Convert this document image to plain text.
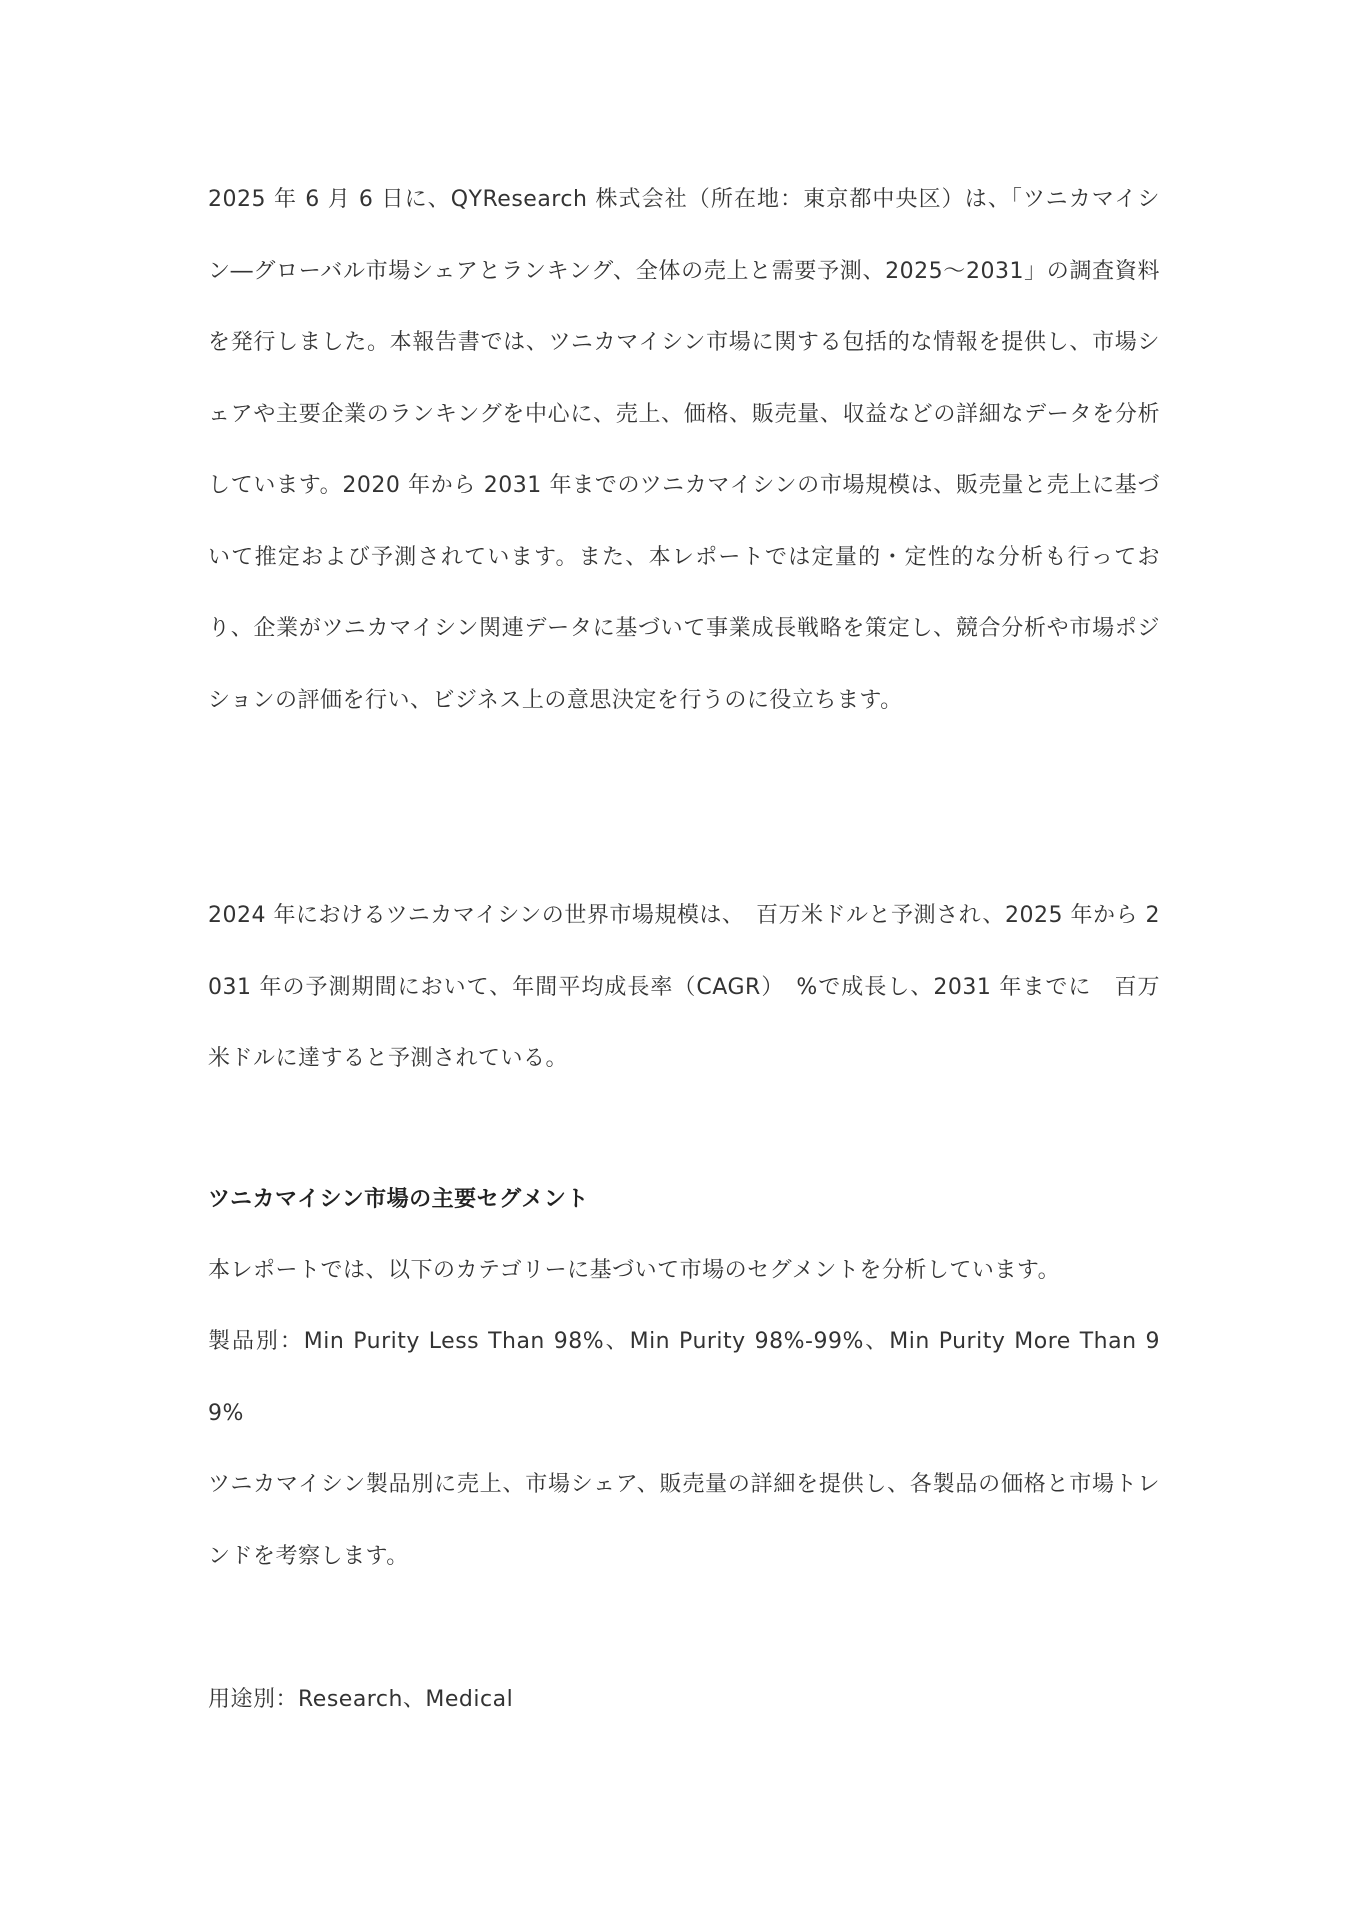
2025 年 6 月 6 日に、QYResearch 株式会社（所在地：東京都中央区）は、「ツニカマイシン―グローバル市場シェアとランキング、全体の売上と需要予測、2025～2031」の調査資料を発行しました。本報告書では、ツニカマイシン市場に関する包括的な情報を提供し、市場シェアや主要企業のランキングを中心に、売上、価格、販売量、収益などの詳細なデータを分析しています。2020 年から 2031 年までのツニカマイシンの市場規模は、販売量と売上に基づいて推定および予測されています。また、本レポートでは定量的・定性的な分析も行っており、企業がツニカマイシン関連データに基づいて事業成長戦略を策定し、競合分析や市場ポジションの評価を行い、ビジネス上の意思決定を行うのに役立ちます。

2024 年におけるツニカマイシンの世界市場規模は、　百万米ドルと予測され、2025 年から 2031 年の予測期間において、年間平均成長率（CAGR）　%で成長し、2031 年までに　百万米ドルに達すると予測されている。

ツニカマイシン市場の主要セグメント

本レポートでは、以下のカテゴリーに基づいて市場のセグメントを分析しています。

製品別：Min Purity Less Than 98%、Min Purity 98%-99%、Min Purity More Than 99%

ツニカマイシン製品別に売上、市場シェア、販売量の詳細を提供し、各製品の価格と市場トレンドを考察します。

用途別：Research、Medical
